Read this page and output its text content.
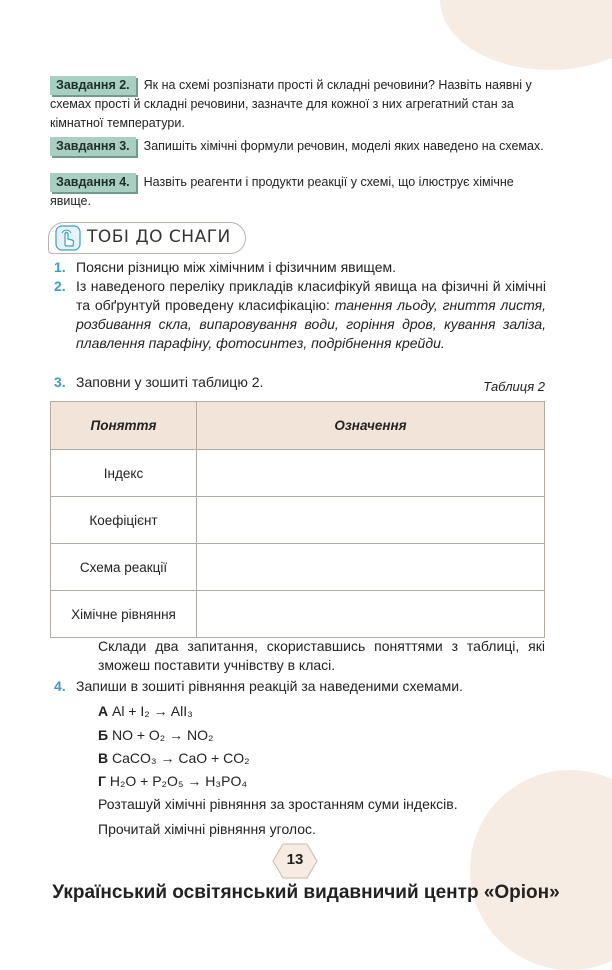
Завдання 2. Як на схемі розпізнати прості й складні речовини? Назвіть наявні у схемах прості й складні речовини, зазначте для кожної з них агрегатний стан за кімнатної температури.
Завдання 3. Запишіть хімічні формули речовин, моделі яких наведено на схемах.
Завдання 4. Назвіть реагенти і продукти реакції у схемі, що ілюструє хімічне явище.
ТОБІ ДО СНАГИ
1. Поясни різницю між хімічним і фізичним явищем.
2. Із наведеного переліку прикладів класифікуй явища на фізичні й хімічні та обґрунтуй проведену класифікацію: танення льоду, гниття листя, розбивання скла, випаровування води, горіння дров, кування заліза, плавлення парафіну, фотосинтез, подрібнення крейди.
3. Заповни у зошиті таблицю 2.	Таблиця 2
Поняття	Означення
Індекс	
Коефіцієнт	
Схема реакції	
Хімічне рівняння	
Склади два запитання, скориставшись поняттями з таблиці, які зможеш поставити учнівству в класі.
4. Запиши в зошиті рівняння реакцій за наведеними схемами.
А Al + I₂ → AlI₃
Б NO + O₂ → NO₂
В CaCO₃ → CaO + CO₂
Г H₂O + P₂O₅ → H₃PO₄
Розташуй хімічні рівняння за зростанням суми індексів.
Прочитай хімічні рівняння уголос.
13
Український освітянський видавничий центр «Оріон»
